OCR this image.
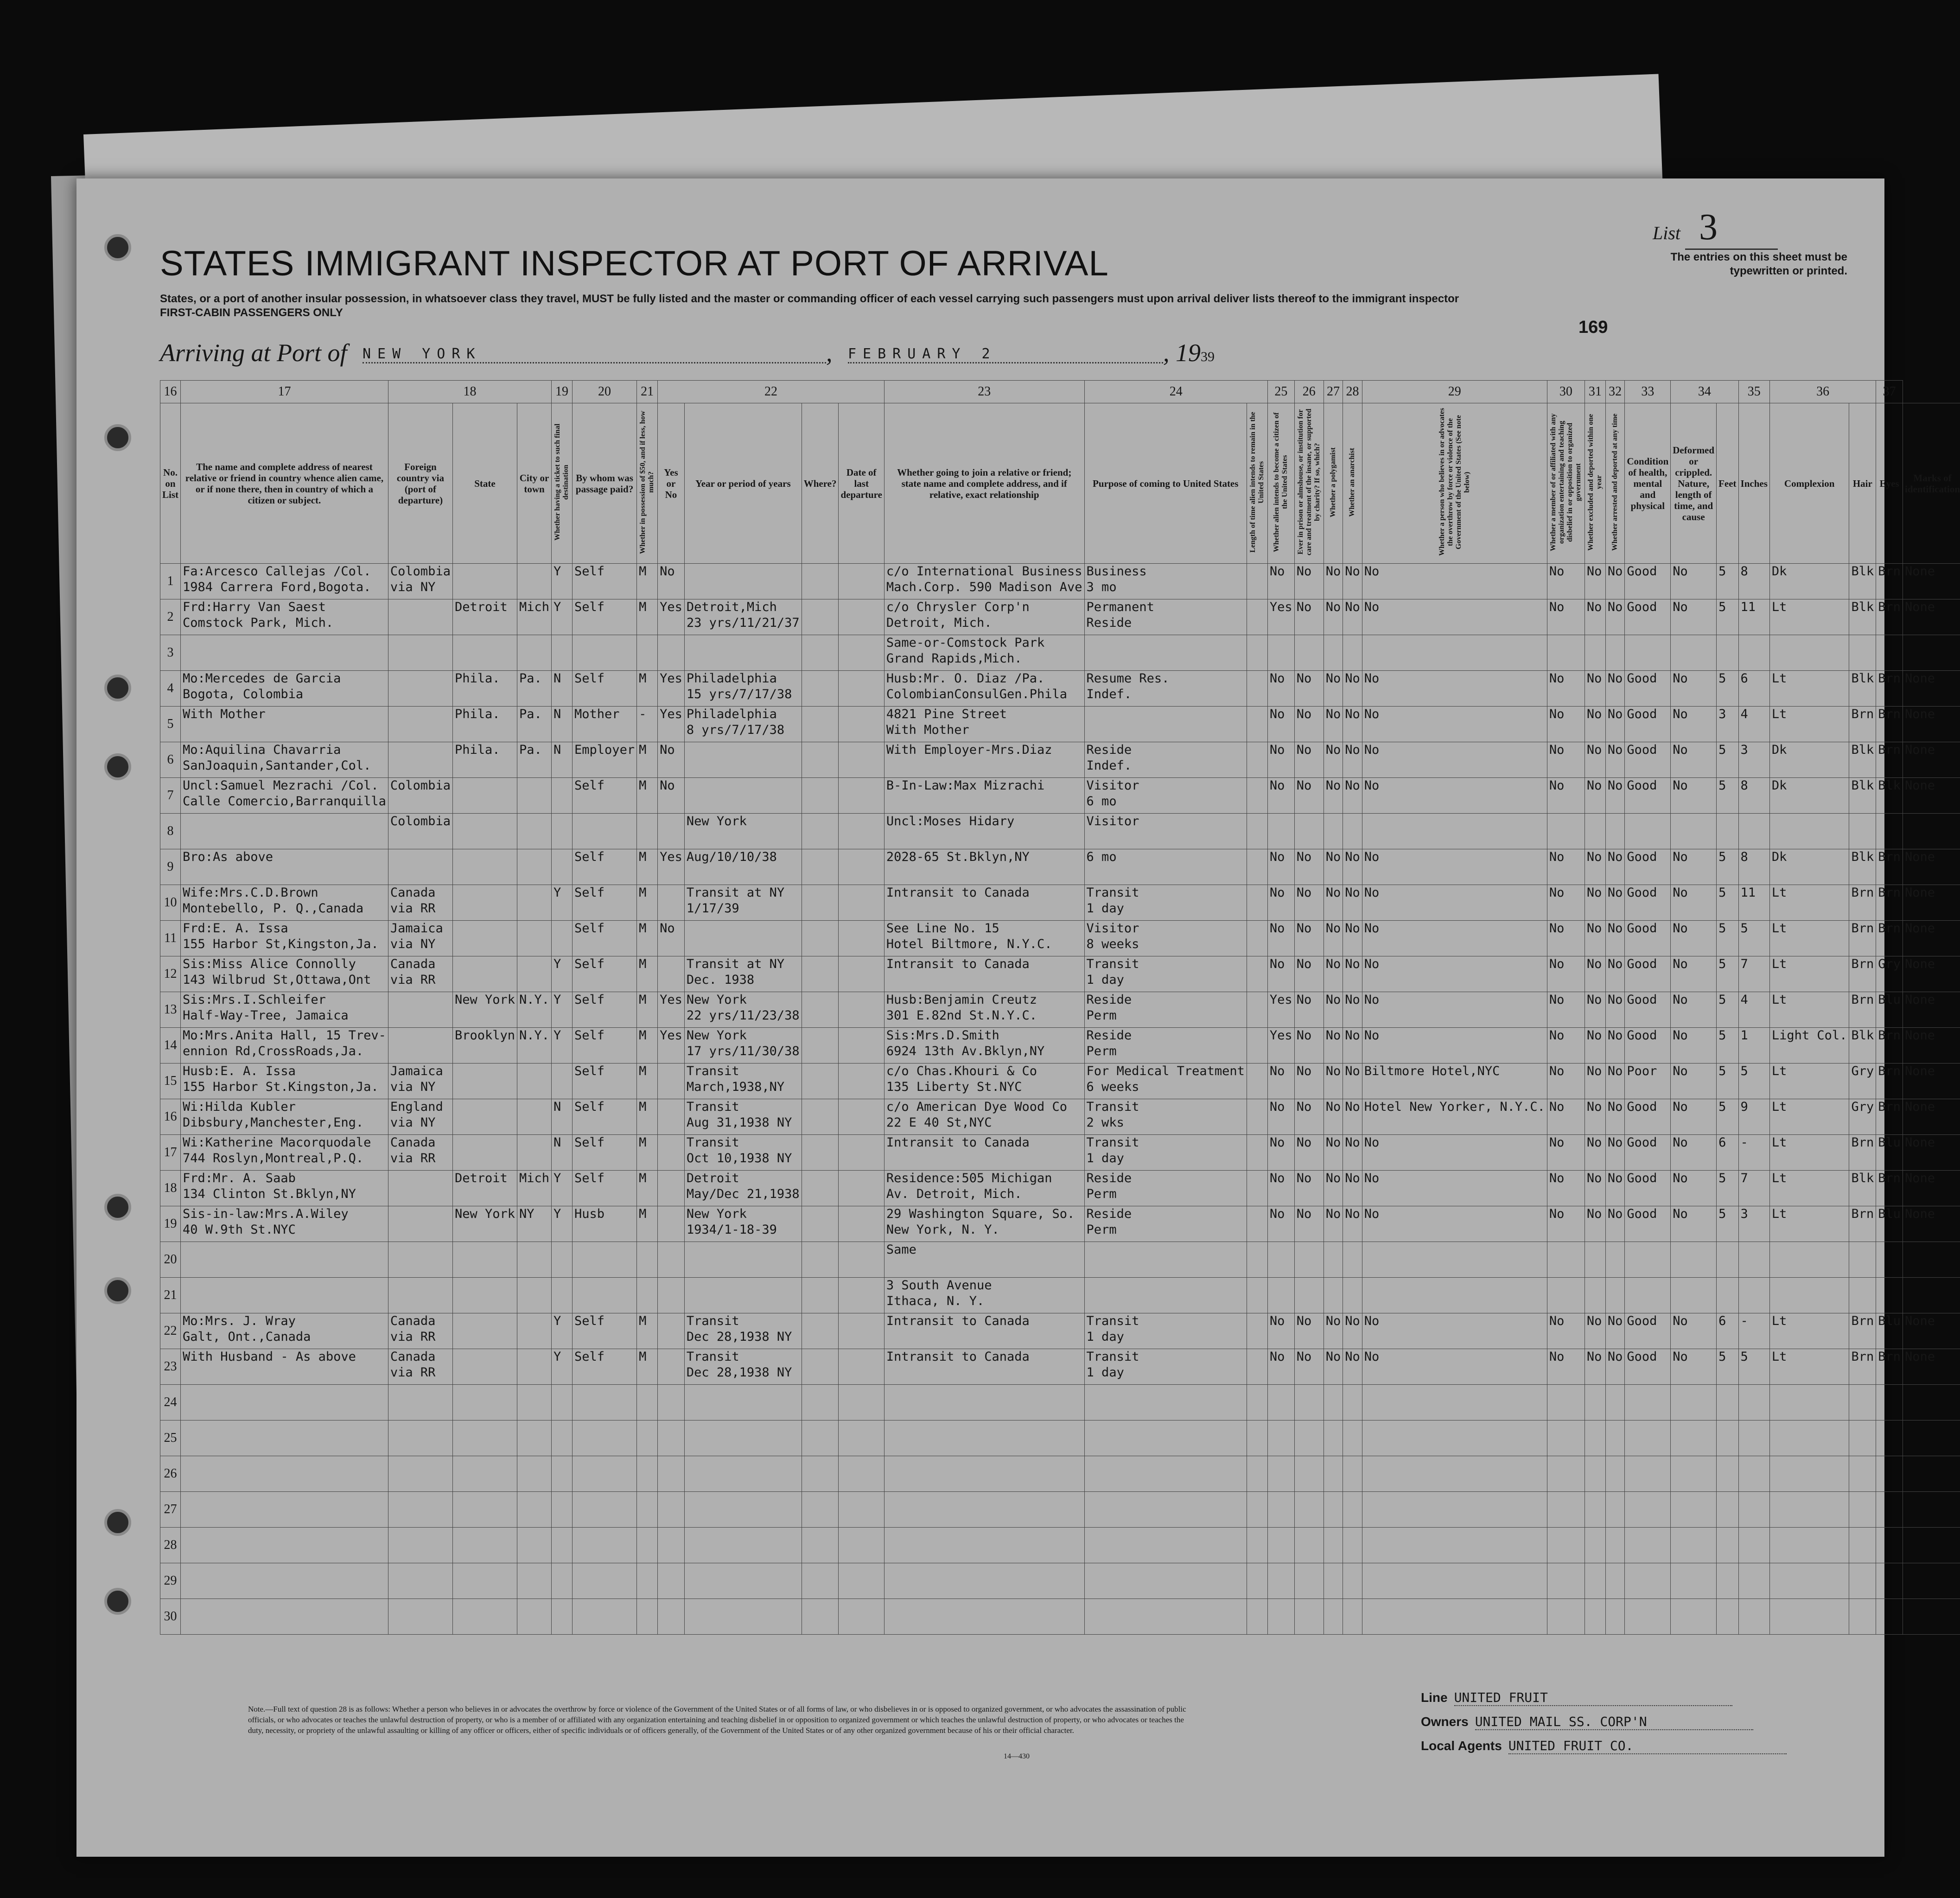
List 3
STATES IMMIGRANT INSPECTOR AT PORT OF ARRIVAL	The entries on this sheet must be typewritten or printed.
States, or a port of another insular possession, in whatsoever class they travel, MUST be fully listed and the master or commanding officer of each vessel carrying such passengers must upon arrival deliver lists thereof to the immigrant inspector
FIRST-CABIN PASSENGERS ONLY
169
Arriving at Port of NEW YORK	, FEBRUARY 2	, 1939
16	17	18			19	20	21	22				23	24		25	26	27	28	29	30	31	32	33	34		35	36		37	
No. on List	The name and complete address of nearest relative or friend in country whence alien came, or if none there, then in country of which a citizen or subject.	Foreign country via (port of departure)	State	City or town	Whether having a ticket to such final destination	By whom was passage paid?	Whether in possession of $50, and if less, how much?	Yes or No	Year or period of years	Where?	Date of last departure	Whether going to join a relative or friend; state name and complete address, and if relative, exact relationship	Purpose of coming to United States	Length of time alien intends to remain in the United States	Whether alien intends to become a citizen of the United States	Ever in prison or almshouse, or institution for care and treatment of the insane, or supported by charity? If so, which?	Whether a polygamist	Whether an anarchist	Whether a person who believes in or advocates the overthrow by force or violence of the Government of the United States (See note below)	Whether a member of or affiliated with any organization entertaining and teaching disbelief in or opposition to organized government	Whether excluded and deported within one year	Whether arrested and deported at any time	Condition of health, mental and physical	Deformed or crippled. Nature, length of time, and cause	Feet	Inches	Complexion	Hair	Eyes	Marks of identification

1	Fa:Arcesco Callejas /Col.
1984 Carrera Ford,Bogota.	Colombia
via NY			Y	Self	M	No				c/o International Business
Mach.Corp. 590 Madison Ave	Business
3 mo		No	No	No	No	No	No	No	No	Good	No	5	8	Dk	Blk	Brn	None

2	Frd:Harry Van Saest
Comstock Park, Mich.		Detroit	Mich	Y	Self	M	Yes	Detroit,Mich
23 yrs/11/21/37			c/o Chrysler Corp'n
Detroit, Mich.	Permanent
Reside		Yes	No	No	No	No	No	No	No	Good	No	5	11	Lt	Blk	Brn	None

3												Same-or-Comstock Park
Grand Rapids,Mich.																		

4	Mo:Mercedes de Garcia
Bogota, Colombia		Phila.	Pa.	N	Self	M	Yes	Philadelphia
15 yrs/7/17/38			Husb:Mr. O. Diaz /Pa.
ColombianConsulGen.Phila	Resume Res.
Indef.		No	No	No	No	No	No	No	No	Good	No	5	6	Lt	Blk	Brn	None

5	With Mother		Phila.	Pa.	N	Mother	-	Yes	Philadelphia
8 yrs/7/17/38			4821 Pine Street
With Mother			No	No	No	No	No	No	No	No	Good	No	3	4	Lt	Brn	Brn	None

6	Mo:Aquilina Chavarria
SanJoaquin,Santander,Col.		Phila.	Pa.	N	Employer	M	No				With Employer-Mrs.Diaz	Reside
Indef.		No	No	No	No	No	No	No	No	Good	No	5	3	Dk	Blk	Brn	None

7	Uncl:Samuel Mezrachi /Col.
Calle Comercio,Barranquilla	Colombia				Self	M	No				B-In-Law:Max Mizrachi	Visitor
6 mo		No	No	No	No	No	No	No	No	Good	No	5	8	Dk	Blk	Blk	None

8		Colombia							New York			Uncl:Moses Hidary	Visitor																	

9	Bro:As above					Self	M	Yes	Aug/10/10/38			2028-65 St.Bklyn,NY	6 mo		No	No	No	No	No	No	No	No	Good	No	5	8	Dk	Blk	Brn	None

10	Wife:Mrs.C.D.Brown
Montebello, P. Q.,Canada	Canada
via RR			Y	Self	M		Transit at NY
1/17/39			Intransit to Canada	Transit
1 day		No	No	No	No	No	No	No	No	Good	No	5	11	Lt	Brn	Brn	None

11	Frd:E. A. Issa
155 Harbor St,Kingston,Ja.	Jamaica
via NY				Self	M	No				See Line No. 15
Hotel Biltmore, N.Y.C.	Visitor
8 weeks		No	No	No	No	No	No	No	No	Good	No	5	5	Lt	Brn	Brn	None

12	Sis:Miss Alice Connolly
143 Wilbrud St,Ottawa,Ont	Canada
via RR			Y	Self	M		Transit at NY
Dec. 1938			Intransit to Canada	Transit
1 day		No	No	No	No	No	No	No	No	Good	No	5	7	Lt	Brn	Gry	None

13	Sis:Mrs.I.Schleifer
Half-Way-Tree, Jamaica		New York	N.Y.	Y	Self	M	Yes	New York
22 yrs/11/23/38			Husb:Benjamin Creutz
301 E.82nd St.N.Y.C.	Reside
Perm		Yes	No	No	No	No	No	No	No	Good	No	5	4	Lt	Brn	Blu	None

14	Mo:Mrs.Anita Hall, 15 Trev-
ennion Rd,CrossRoads,Ja.		Brooklyn	N.Y.	Y	Self	M	Yes	New York
17 yrs/11/30/38			Sis:Mrs.D.Smith
6924 13th Av.Bklyn,NY	Reside
Perm		Yes	No	No	No	No	No	No	No	Good	No	5	1	Light Col.	Blk	Brn	None

15	Husb:E. A. Issa
155 Harbor St.Kingston,Ja.	Jamaica
via NY				Self	M		Transit
March,1938,NY			c/o Chas.Khouri & Co
135 Liberty St.NYC	For Medical Treatment
6 weeks		No	No	No	No	Biltmore Hotel,NYC	No	No	No	Poor	No	5	5	Lt	Gry	Brn	None

16	Wi:Hilda Kubler
Dibsbury,Manchester,Eng.	England
via NY			N	Self	M		Transit
Aug 31,1938 NY			c/o American Dye Wood Co
22 E 40 St,NYC	Transit
2 wks		No	No	No	No	Hotel New Yorker, N.Y.C.	No	No	No	Good	No	5	9	Lt	Gry	Brn	None

17	Wi:Katherine Macorquodale
744 Roslyn,Montreal,P.Q.	Canada
via RR			N	Self	M		Transit
Oct 10,1938 NY			Intransit to Canada	Transit
1 day		No	No	No	No	No	No	No	No	Good	No	6	-	Lt	Brn	Blu	None

18	Frd:Mr. A. Saab
134 Clinton St.Bklyn,NY		Detroit	Mich	Y	Self	M		Detroit
May/Dec 21,1938			Residence:505 Michigan
Av. Detroit, Mich.	Reside
Perm		No	No	No	No	No	No	No	No	Good	No	5	7	Lt	Blk	Brn	None

19	Sis-in-law:Mrs.A.Wiley
40 W.9th St.NYC		New York	NY	Y	Husb	M		New York
1934/1-18-39			29 Washington Square, So.
New York, N. Y.	Reside
Perm		No	No	No	No	No	No	No	No	Good	No	5	3	Lt	Brn	Blu	None

20												Same																		

21												3 South Avenue
Ithaca, N. Y.																		

22	Mo:Mrs. J. Wray
Galt, Ont.,Canada	Canada
via RR			Y	Self	M		Transit
Dec 28,1938 NY			Intransit to Canada	Transit
1 day		No	No	No	No	No	No	No	No	Good	No	6	-	Lt	Brn	Blu	None

23	With Husband - As above	Canada
via RR			Y	Self	M		Transit
Dec 28,1938 NY			Intransit to Canada	Transit
1 day		No	No	No	No	No	No	No	No	Good	No	5	5	Lt	Brn	Brn	None

24																														

25																														

26																														

27																														

28																														

29																														

30																														

Note.—Full text of question 28 is as follows: Whether a person who believes in or advocates the overthrow by force or violence of the Government of the United States or of all forms of law, or who disbelieves in or is opposed to organized government, or who advocates the assassination of public officials, or who advocates or teaches the unlawful destruction of property, or who is a member of or affiliated with any organization entertaining and teaching disbelief in or opposition to organized government or which teaches the unlawful destruction of property, or who advocates or teaches the duty, necessity, or propriety of the unlawful assaulting or killing of any officer or officers, either of specific individuals or of officers generally, of the Government of the United States or of any other organized government because of his or their official character.
14—430
Line UNITED FRUIT
Owners UNITED MAIL SS. CORP'N
Local Agents UNITED FRUIT CO.
